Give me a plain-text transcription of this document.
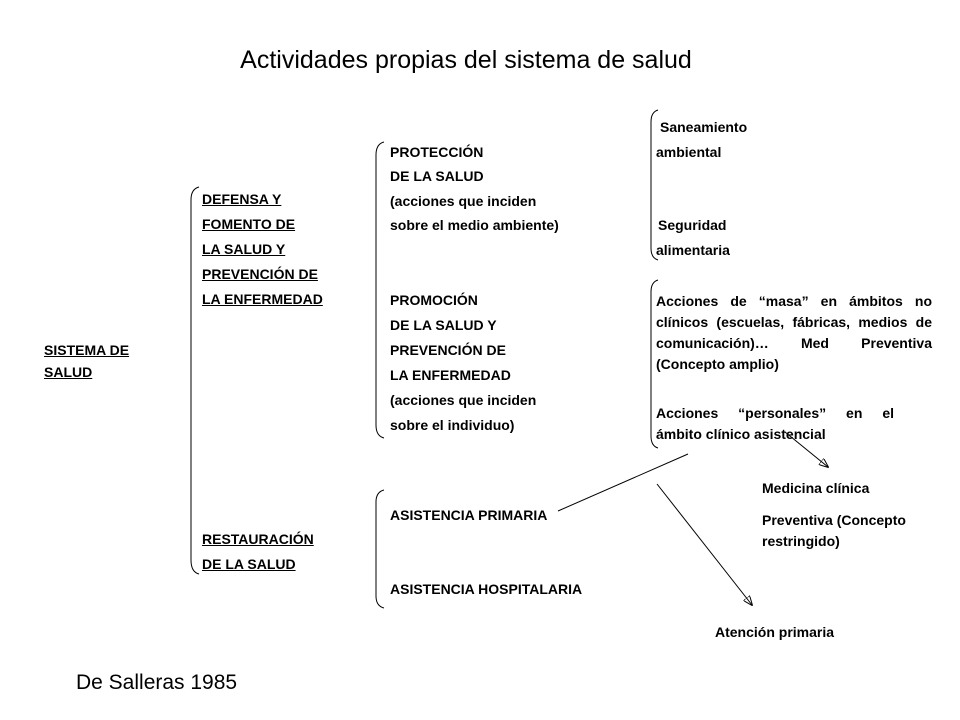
Actividades propias del sistema de salud
SISTEMA DE
SALUD
DEFENSA Y
FOMENTO DE
LA SALUD Y
PREVENCIÓN DE
LA ENFERMEDAD
RESTAURACIÓN
DE LA SALUD
PROTECCIÓN
DE LA SALUD
(acciones que inciden
sobre el medio ambiente)
PROMOCIÓN
DE LA SALUD Y
PREVENCIÓN DE
LA ENFERMEDAD
(acciones que inciden
sobre el individuo)
ASISTENCIA PRIMARIA
ASISTENCIA HOSPITALARIA
Saneamiento
ambiental
Seguridad
alimentaria
Acciones de “masa” en ámbitos no clínicos (escuelas, fábricas, medios de comunicación)… Med Preventiva (Concepto amplio)
Acciones “personales” en el ámbito clínico asistencial
Medicina clínica
Preventiva (Concepto restringido)
Atención primaria
De Salleras 1985
